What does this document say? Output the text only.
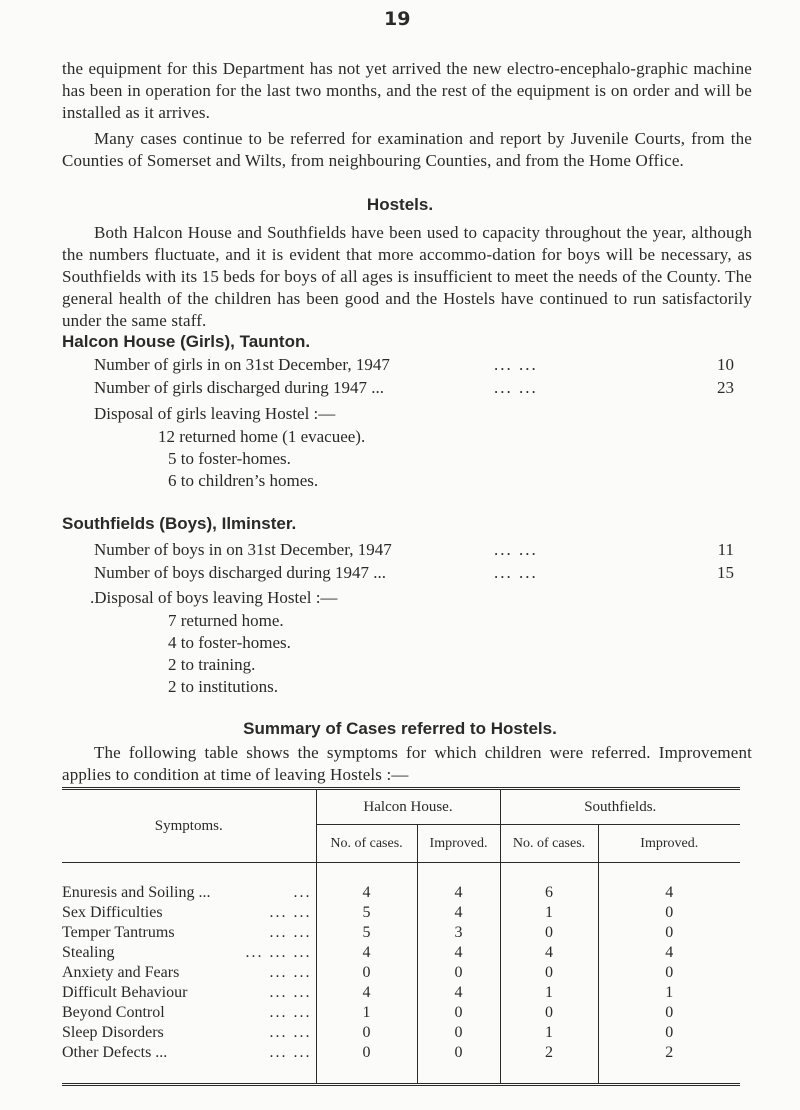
19

the equipment for this Department has not yet arrived the new electro-encephalo-graphic machine has been in operation for the last two months, and the rest of the equipment is on order and will be installed as it arrives.

Many cases continue to be referred for examination and report by Juvenile Courts, from the Counties of Somerset and Wilts, from neighbouring Counties, and from the Home Office.

Hostels.

Both Halcon House and Southfields have been used to capacity throughout the year, although the numbers fluctuate, and it is evident that more accommo-dation for boys will be necessary, as Southfields with its 15 beds for boys of all ages is insufficient to meet the needs of the County. The general health of the children has been good and the Hostels have continued to run satisfactorily under the same staff.

Halcon House (Girls), Taunton.
Number of girls in on 31st December, 1947	... ...	10
Number of girls discharged during 1947 ...	... ...	23
Disposal of girls leaving Hostel :—
12 returned home (1 evacuee).
5 to foster-homes.
6 to children’s homes.
Southfields (Boys), Ilminster.
Number of boys in on 31st December, 1947	... ...	11
Number of boys discharged during 1947 ...	... ...	15
.Disposal of boys leaving Hostel :—
7 returned home.
4 to foster-homes.
2 to training.
2 to institutions.
Summary of Cases referred to Hostels.

The following table shows the symptoms for which children were referred. Improvement applies to condition at time of leaving Hostels :—

Symptoms.	Halcon House.		Southfields.	
	No. of cases.	Improved.	No. of cases.	Improved.

Enuresis and Soiling ... ...	4	4	6	4
Sex Difficulties ... ...	5	4	1	0
Temper Tantrums ... ...	5	3	0	0
Stealing ... ... ...	4	4	4	4
Anxiety and Fears ... ...	0	0	0	0
Difficult Behaviour ... ...	4	4	1	1
Beyond Control ... ...	1	0	0	0
Sleep Disorders ... ...	0	0	1	0
Other Defects ... ... ...	0	0	2	2
